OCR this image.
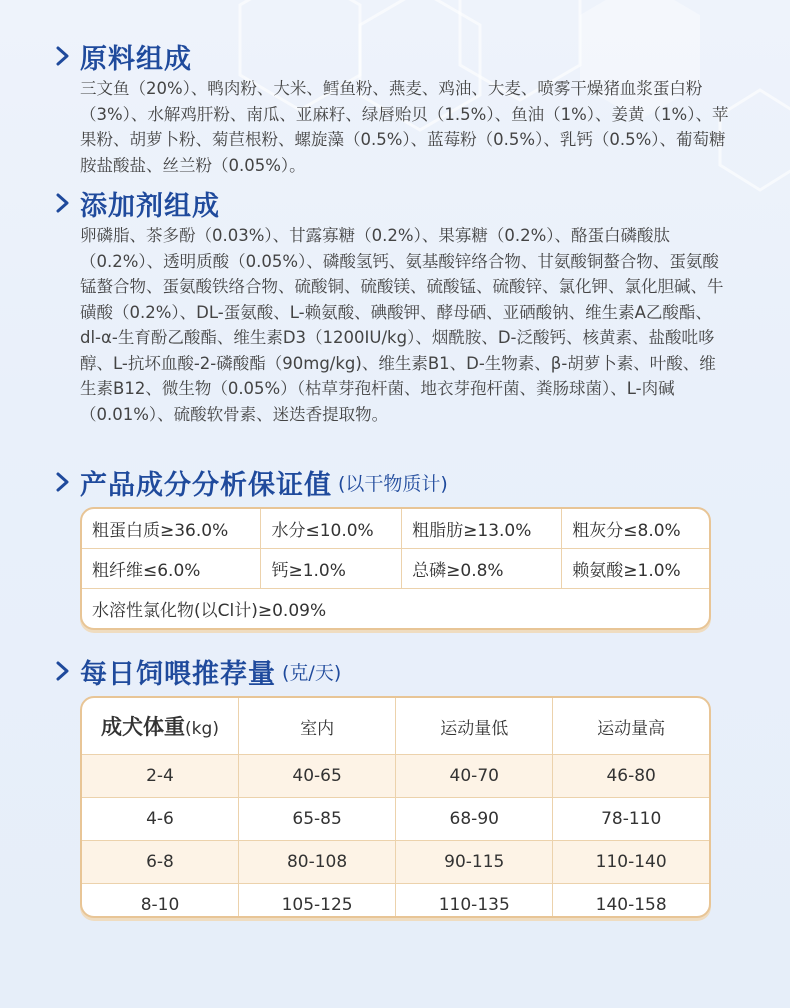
原料组成

三文鱼（20%）、鸭肉粉、大米、鳕鱼粉、燕麦、鸡油、大麦、喷雾干燥猪血浆蛋白粉（3%）、水解鸡肝粉、南瓜、亚麻籽、绿唇贻贝（1.5%）、鱼油（1%）、姜黄（1%）、苹果粉、胡萝卜粉、菊苣根粉、螺旋藻（0.5%）、蓝莓粉（0.5%）、乳钙（0.5%）、葡萄糖胺盐酸盐、丝兰粉（0.05%）。

添加剂组成

卵磷脂、茶多酚（0.03%）、甘露寡糖（0.2%）、果寡糖（0.2%）、酪蛋白磷酸肽（0.2%）、透明质酸（0.05%）、磷酸氢钙、氨基酸锌络合物、甘氨酸铜螯合物、蛋氨酸锰螯合物、蛋氨酸铁络合物、硫酸铜、硫酸镁、硫酸锰、硫酸锌、氯化钾、氯化胆碱、牛磺酸（0.2%）、DL-蛋氨酸、L-赖氨酸、碘酸钾、酵母硒、亚硒酸钠、维生素A乙酸酯、dl-α-生育酚乙酸酯、维生素D3（1200IU/kg）、烟酰胺、D-泛酸钙、核黄素、盐酸吡哆醇、L-抗坏血酸-2-磷酸酯（90mg/kg)、维生素B1、D-生物素、β-胡萝卜素、叶酸、维生素B12、微生物（0.05%）（枯草芽孢杆菌、地衣芽孢杆菌、粪肠球菌）、L-肉碱（0.01%）、硫酸软骨素、迷迭香提取物。

产品成分分析保证值 (以干物质计)
粗蛋白质≥36.0%	水分≤10.0%	粗脂肪≥13.0%	粗灰分≤8.0%
粗纤维≤6.0%	钙≥1.0%	总磷≥0.8%	赖氨酸≥1.0%
水溶性氯化物(以Cl计)≥0.09%			
每日饲喂推荐量 (克/天)
成犬体重(kg)	室内	运动量低	运动量高
2-4	40-65	40-70	46-80
4-6	65-85	68-90	78-110
6-8	80-108	90-115	110-140
8-10	105-125	110-135	140-158
